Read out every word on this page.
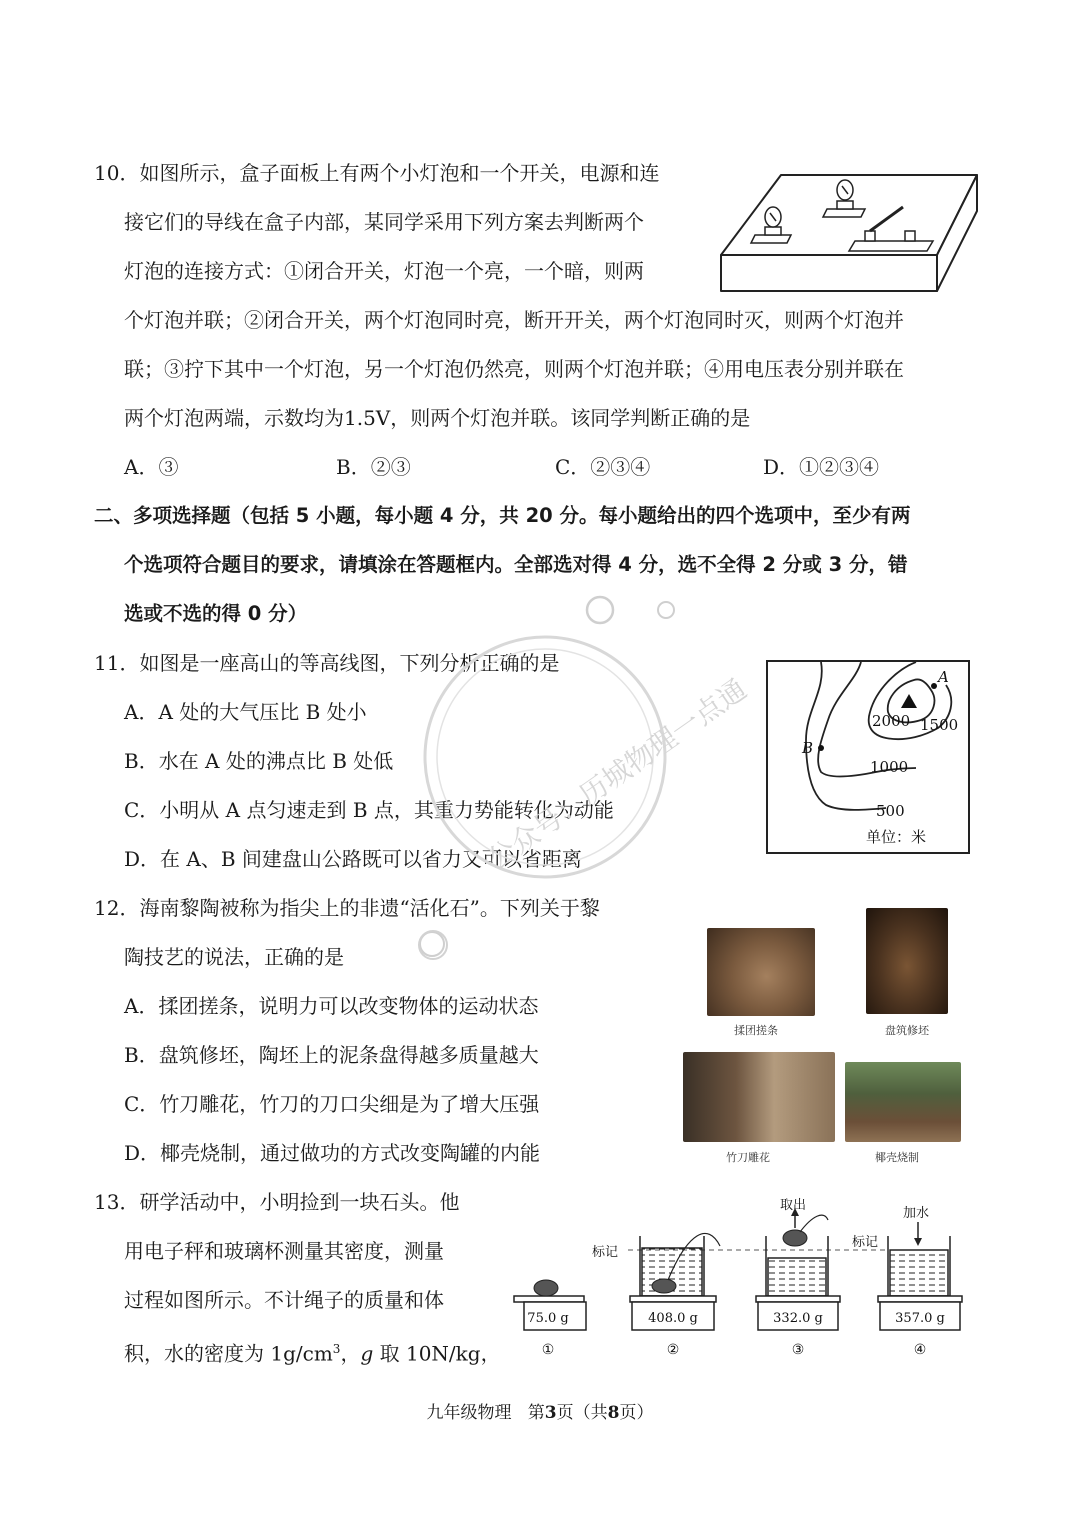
10．如图所示，盒子面板上有两个小灯泡和一个开关，电源和连
接它们的导线在盒子内部，某同学采用下列方案去判断两个
灯泡的连接方式：①闭合开关，灯泡一个亮，一个暗，则两
个灯泡并联；②闭合开关，两个灯泡同时亮，断开开关，两个灯泡同时灭，则两个灯泡并
联；③拧下其中一个灯泡，另一个灯泡仍然亮，则两个灯泡并联；④用电压表分别并联在
两个灯泡两端，示数均为1.5V，则两个灯泡并联。该同学判断正确的是
A．③	B．②③	C．②③④	D．①②③④
二、多项选择题（包括 5 小题，每小题 4 分，共 20 分。每小题给出的四个选项中，至少有两
个选项符合题目的要求，请填涂在答题框内。全部选对得 4 分，选不全得 2 分或 3 分，错
选或不选的得 0 分）
11．如图是一座高山的等高线图，下列分析正确的是
A．A 处的大气压比 B 处小
B．水在 A 处的沸点比 B 处低
C．小明从 A 点匀速走到 B 点，其重力势能转化为动能
D．在 A、B 间建盘山公路既可以省力又可以省距离
A
B
2000 1500
1000
500
单位：米
12．海南黎陶被称为指尖上的非遗“活化石”。下列关于黎
陶技艺的说法，正确的是
A．揉团搓条，说明力可以改变物体的运动状态
B．盘筑修坯，陶坯上的泥条盘得越多质量越大
C．竹刀雕花，竹刀的刀口尖细是为了增大压强
D．椰壳烧制，通过做功的方式改变陶罐的内能
揉团搓条	盘筑修坯
竹刀雕花	椰壳烧制
13．研学活动中，小明捡到一块石头。他
用电子秤和玻璃杯测量其密度，测量
过程如图所示。不计绳子的质量和体
积，水的密度为 $1g/cm^3$，g 取 10N/kg，
75.0 g
①
标记
408.0 g
②
取出
332.0 g
③
标记
加水
357.0 g
④
公众号：历城物理一点通
九年级物理 第3页（共8页）
